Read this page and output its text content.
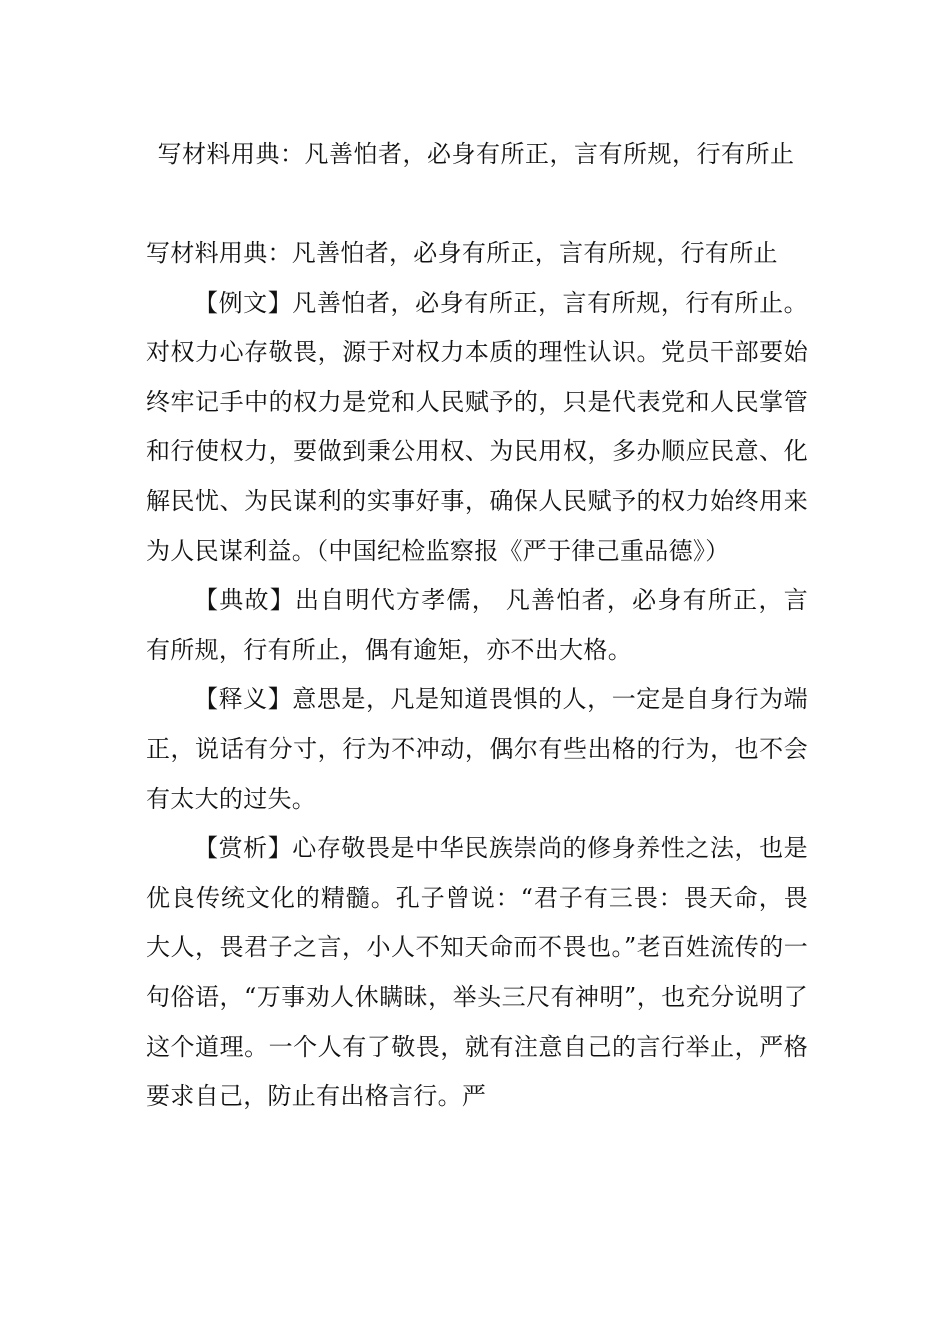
写材料用典：凡善怕者，必身有所正，言有所规，行有所止

写材料用典：凡善怕者，必身有所正，言有所规，行有所止

【例文】凡善怕者，必身有所正，言有所规，行有所止。对权力心存敬畏，源于对权力本质的理性认识。党员干部要始终牢记手中的权力是党和人民赋予的，只是代表党和人民掌管和行使权力，要做到秉公用权、为民用权，多办顺应民意、化解民忧、为民谋利的实事好事，确保人民赋予的权力始终用来为人民谋利益。（中国纪检监察报《严于律己重品德》）

【典故】出自明代方孝儒， 凡善怕者，必身有所正，言有所规，行有所止，偶有逾矩，亦不出大格。

【释义】意思是，凡是知道畏惧的人，一定是自身行为端正，说话有分寸，行为不冲动，偶尔有些出格的行为，也不会有太大的过失。

【赏析】心存敬畏是中华民族崇尚的修身养性之法，也是优良传统文化的精髓。孔子曾说：“君子有三畏：畏天命，畏大人，畏君子之言，小人不知天命而不畏也。”老百姓流传的一句俗语，“万事劝人休瞒昧，举头三尺有神明”，也充分说明了这个道理。一个人有了敬畏，就有注意自己的言行举止，严格要求自己，防止有出格言行。严
